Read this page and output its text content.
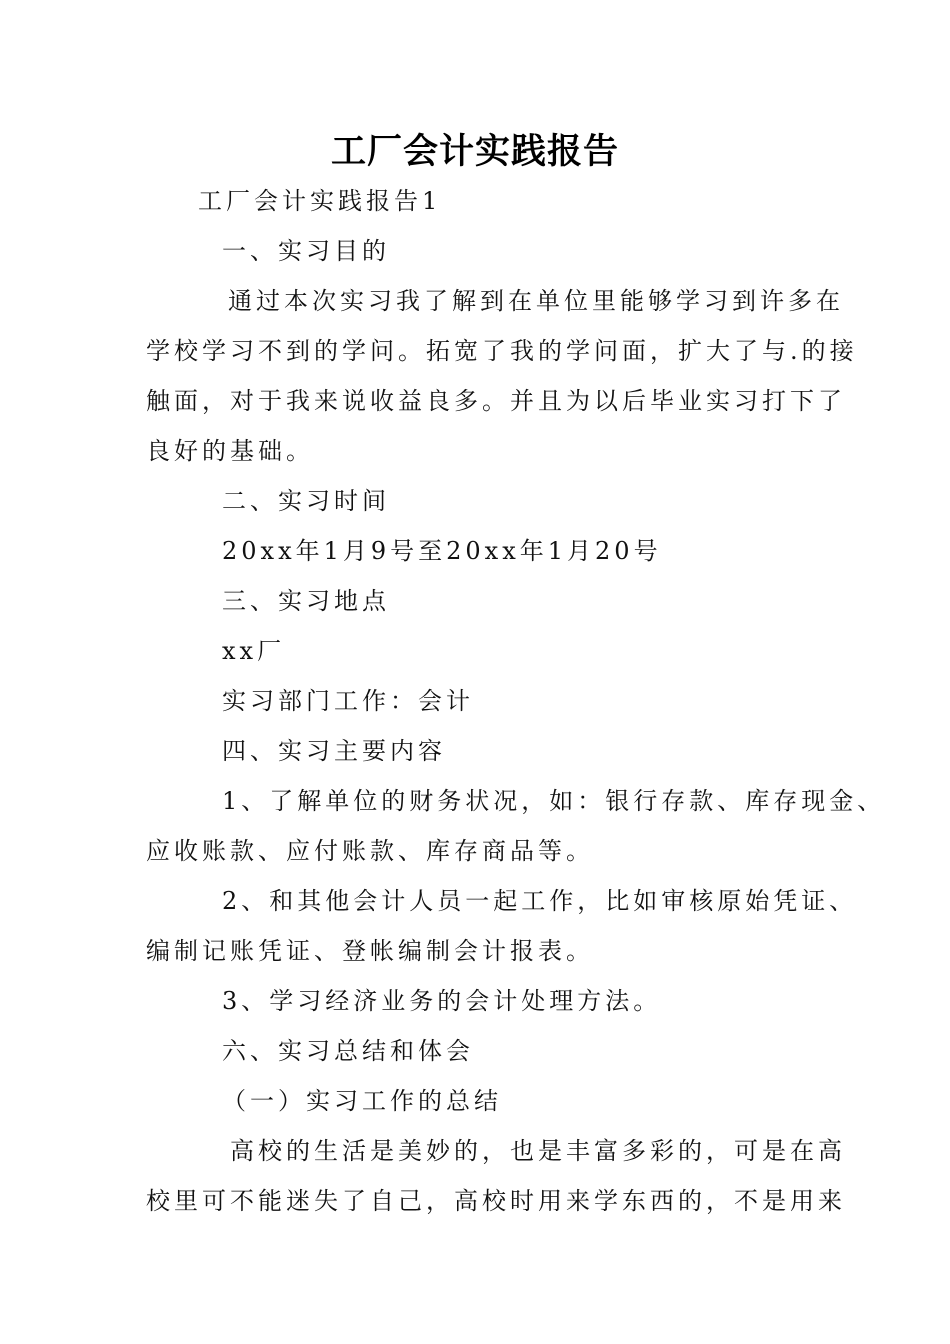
工厂会计实践报告

工厂会计实践报告1

一、实习目的

通过本次实习我了解到在单位里能够学习到许多在

学校学习不到的学问。拓宽了我的学问面，扩大了与.的接

触面，对于我来说收益良多。并且为以后毕业实习打下了

良好的基础。

二、实习时间

20xx年1月9号至20xx年1月20号

三、实习地点

xx厂

实习部门工作：会计

四、实习主要内容

1、了解单位的财务状况，如：银行存款、库存现金、

应收账款、应付账款、库存商品等。

2、和其他会计人员一起工作，比如审核原始凭证、

编制记账凭证、登帐编制会计报表。

3、学习经济业务的会计处理方法。

六、实习总结和体会

（一）实习工作的总结

高校的生活是美妙的，也是丰富多彩的，可是在高

校里可不能迷失了自己，高校时用来学东西的，不是用来
